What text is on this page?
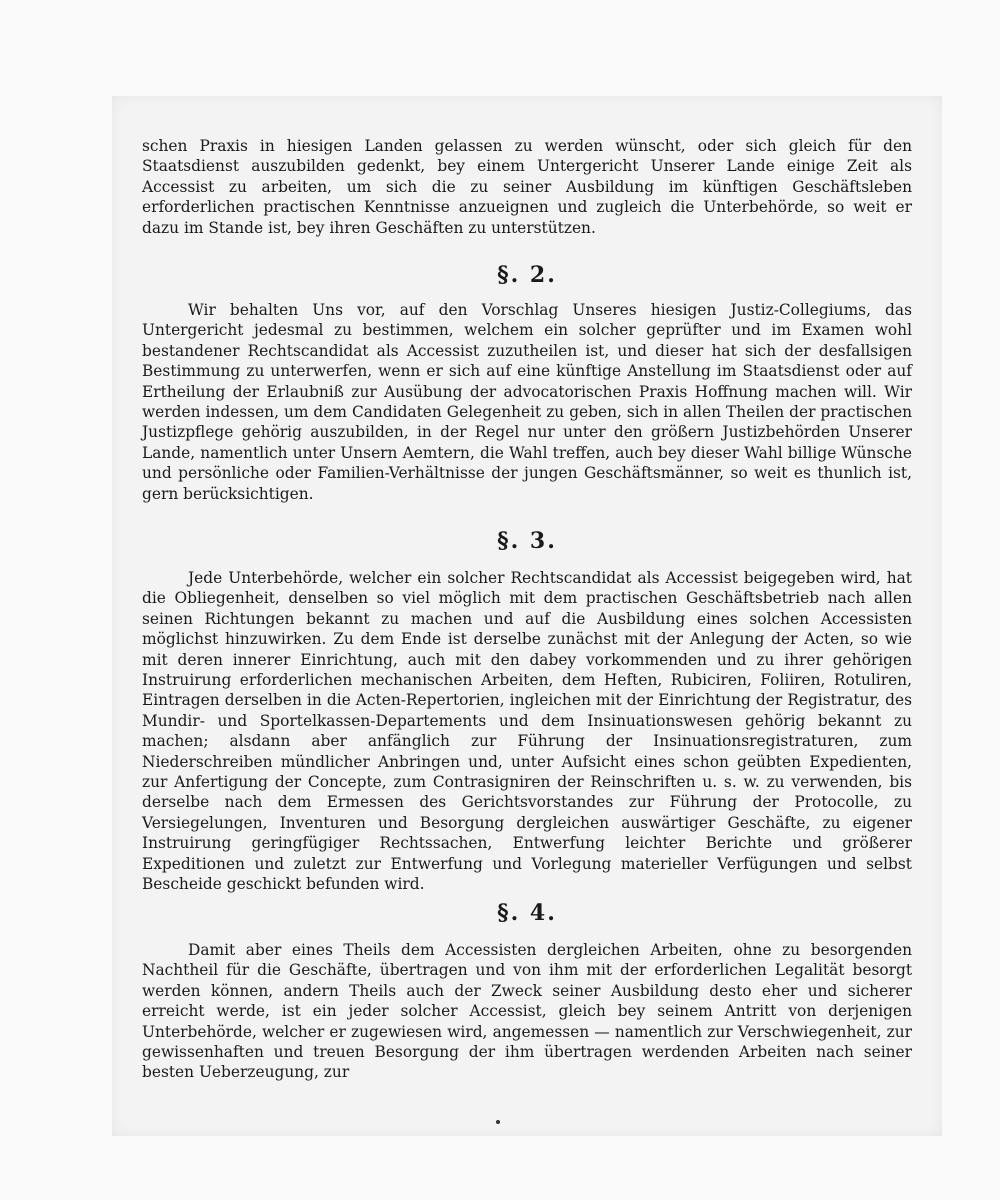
schen Praxis in hiesigen Landen gelassen zu werden wünscht, oder sich gleich für den Staatsdienst auszubilden gedenkt, bey einem Untergericht Unserer Lande einige Zeit als Accessist zu arbeiten, um sich die zu seiner Ausbildung im künftigen Geschäftsleben erforderlichen practischen Kenntnisse anzueignen und zugleich die Unterbehörde, so weit er dazu im Stande ist, bey ihren Geschäften zu unterstützen.

§. 2.

Wir behalten Uns vor, auf den Vorschlag Unseres hiesigen Justiz-Collegiums, das Untergericht jedesmal zu bestimmen, welchem ein solcher geprüfter und im Examen wohl bestandener Rechtscandidat als Accessist zuzutheilen ist, und dieser hat sich der desfallsigen Bestimmung zu unterwerfen, wenn er sich auf eine künftige Anstellung im Staatsdienst oder auf Ertheilung der Erlaubniß zur Ausübung der advocatorischen Praxis Hoffnung machen will. Wir werden indessen, um dem Candidaten Gelegenheit zu geben, sich in allen Theilen der practischen Justizpflege gehörig auszubilden, in der Regel nur unter den größern Justizbehörden Unserer Lande, namentlich unter Unsern Aemtern, die Wahl treffen, auch bey dieser Wahl billige Wünsche und persönliche oder Familien-Verhältnisse der jungen Geschäftsmänner, so weit es thunlich ist, gern berücksichtigen.

§. 3.

Jede Unterbehörde, welcher ein solcher Rechtscandidat als Accessist beigegeben wird, hat die Obliegenheit, denselben so viel möglich mit dem practischen Geschäftsbetrieb nach allen seinen Richtungen bekannt zu machen und auf die Ausbildung eines solchen Accessisten möglichst hinzuwirken. Zu dem Ende ist derselbe zunächst mit der Anlegung der Acten, so wie mit deren innerer Einrichtung, auch mit den dabey vorkommenden und zu ihrer gehörigen Instruirung erforderlichen mechanischen Arbeiten, dem Heften, Rubiciren, Foliiren, Rotuliren, Eintragen derselben in die Acten-Repertorien, ingleichen mit der Einrichtung der Registratur, des Mundir- und Sportelkassen-Departements und dem Insinuationswesen gehörig bekannt zu machen; alsdann aber anfänglich zur Führung der Insinuationsregistraturen, zum Niederschreiben mündlicher Anbringen und, unter Aufsicht eines schon geübten Expedienten, zur Anfertigung der Concepte, zum Contrasigniren der Reinschriften u. s. w. zu verwenden, bis derselbe nach dem Ermessen des Gerichtsvorstandes zur Führung der Protocolle, zu Versiegelungen, Inventuren und Besorgung dergleichen auswärtiger Geschäfte, zu eigener Instruirung geringfügiger Rechtssachen, Entwerfung leichter Berichte und größerer Expeditionen und zuletzt zur Entwerfung und Vorlegung materieller Verfügungen und selbst Bescheide geschickt befunden wird.

§. 4.

Damit aber eines Theils dem Accessisten dergleichen Arbeiten, ohne zu besorgenden Nachtheil für die Geschäfte, übertragen und von ihm mit der erforderlichen Legalität besorgt werden können, andern Theils auch der Zweck seiner Ausbildung desto eher und sicherer erreicht werde, ist ein jeder solcher Accessist, gleich bey seinem Antritt von derjenigen Unterbehörde, welcher er zugewiesen wird, angemessen — namentlich zur Verschwiegenheit, zur gewissenhaften und treuen Besorgung der ihm übertragen werdenden Arbeiten nach seiner besten Ueberzeugung, zur
